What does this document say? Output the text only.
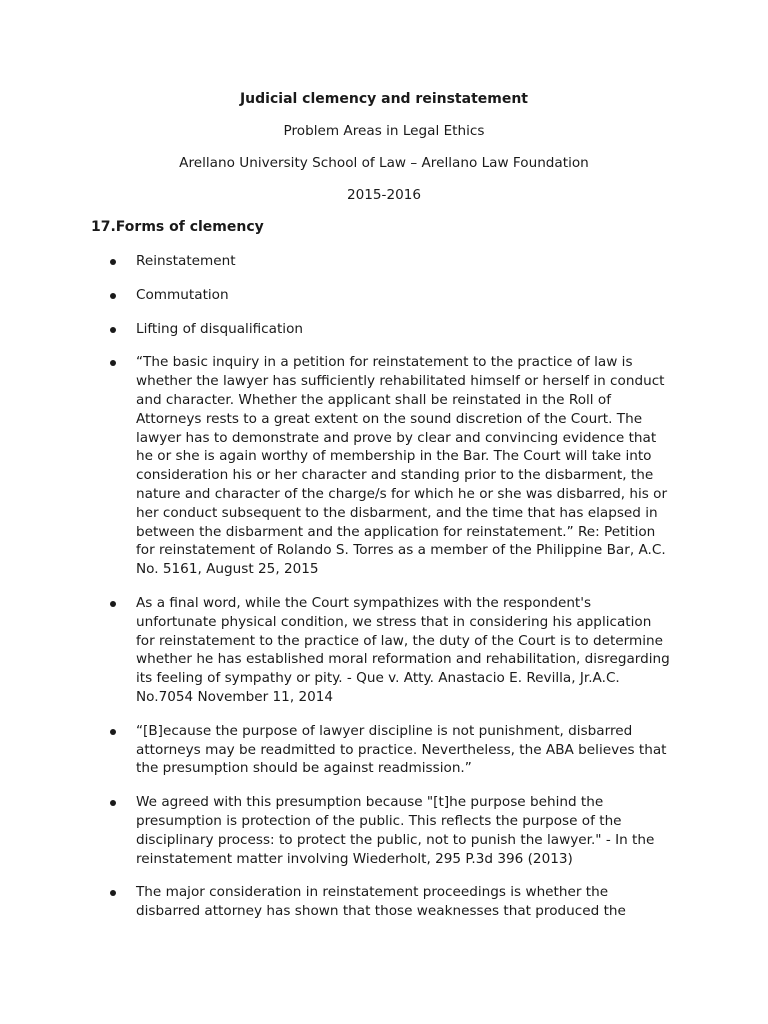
Judicial clemency and reinstatement
Problem Areas in Legal Ethics
Arellano University School of Law – Arellano Law Foundation
2015-2016
17.Forms of clemency
Reinstatement
Commutation
Lifting of disqualification
“The basic inquiry in a petition for reinstatement to the practice of law is whether the lawyer has sufficiently rehabilitated himself or herself in conduct and character. Whether the applicant shall be reinstated in the Roll of Attorneys rests to a great extent on the sound discretion of the Court. The lawyer has to demonstrate and prove by clear and convincing evidence that he or she is again worthy of membership in the Bar. The Court will take into consideration his or her character and standing prior to the disbarment, the nature and character of the charge/s for which he or she was disbarred, his or her conduct subsequent to the disbarment, and the time that has elapsed in between the disbarment and the application for reinstatement.” Re: Petition for reinstatement of Rolando S. Torres as a member of the Philippine Bar, A.C. No. 5161, August 25, 2015
As a final word, while the Court sympathizes with the respondent's unfortunate physical condition, we stress that in considering his application for reinstatement to the practice of law, the duty of the Court is to determine whether he has established moral reformation and rehabilitation, disregarding its feeling of sympathy or pity. - Que v. Atty. Anastacio E. Revilla, Jr.A.C. No.7054 November 11, 2014
“[B]ecause the purpose of lawyer discipline is not punishment, disbarred attorneys may be readmitted to practice. Nevertheless, the ABA believes that the presumption should be against readmission.”
We agreed with this presumption because "[t]he purpose behind the presumption is protection of the public. This reflects the purpose of the disciplinary process: to protect the public, not to punish the lawyer." - In the reinstatement matter involving Wiederholt, 295 P.3d 396 (2013)
The major consideration in reinstatement proceedings is whether the disbarred attorney has shown that those weaknesses that produced the
